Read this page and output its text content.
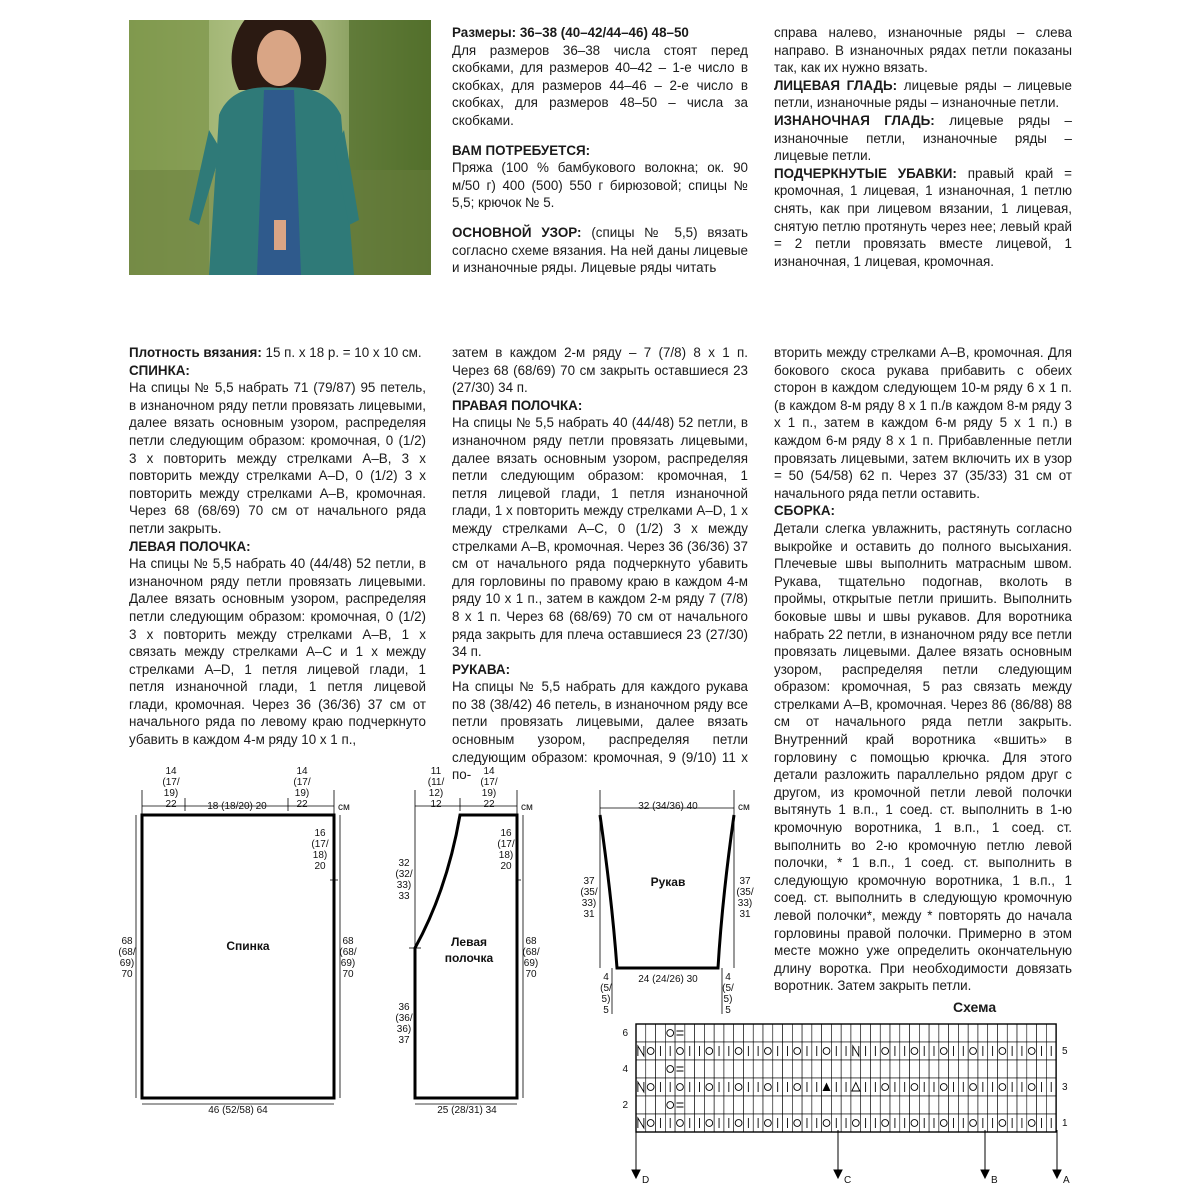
Размеры: 36–38 (40–42/44–46) 48–50

Для размеров 36–38 числа стоят перед скобками, для размеров 40–42 – 1-е число в скобках, для размеров 44–46 – 2-е число в скобках, для размеров 48–50 – числа за скобками.

ВАМ ПОТРЕБУЕТСЯ:

Пряжа (100 % бамбукового волокна; ок. 90 м/50 г) 400 (500) 550 г бирюзовой; спицы № 5,5; крючок № 5.

ОСНОВНОЙ УЗОР: (спицы № 5,5) вязать согласно схеме вязания. На ней даны лицевые и изнаночные ряды. Лицевые ряды читать

справа налево, изнаночные ряды – слева направо. В изнаночных рядах петли показаны так, как их нужно вязать.

ЛИЦЕВАЯ ГЛАДЬ: лицевые ряды – лицевые петли, изнаночные ряды – изнаночные петли.

ИЗНАНОЧНАЯ ГЛАДЬ: лицевые ряды – изнаночные петли, изнаночные ряды – лицевые петли.

ПОДЧЕРКНУТЫЕ УБАВКИ: правый край = кромочная, 1 лицевая, 1 изнаночная, 1 петлю снять, как при лицевом вязании, 1 лицевая, снятую петлю протянуть через нее; левый край = 2 петли провязать вместе лицевой, 1 изнаночная, 1 лицевая, кромочная.

Плотность вязания: 15 п. x 18 р. = 10 x 10 см.

СПИНКА:

На спицы № 5,5 набрать 71 (79/87) 95 петель, в изнаночном ряду петли провязать лицевыми, далее вязать основным узором, распределяя петли следующим образом: кромочная, 0 (1/2) 3 x повторить между стрелками A–B, 3 x повторить между стрелками A–D, 0 (1/2) 3 x повторить между стрелками A–B, кромочная. Через 68 (68/69) 70 см от начального ряда петли закрыть.

ЛЕВАЯ ПОЛОЧКА:

На спицы № 5,5 набрать 40 (44/48) 52 петли, в изнаночном ряду петли провязать лицевыми. Далее вязать основным узором, распределяя петли следующим образом: кромочная, 0 (1/2) 3 x повторить между стрелками A–B, 1 x связать между стрелками A–C и 1 x между стрелками A–D, 1 петля лицевой глади, 1 петля изнаночной глади, 1 петля лицевой глади, кромочная. Через 36 (36/36) 37 см от начального ряда по левому краю подчеркнуто убавить в каждом 4-м ряду 10 x 1 п.,

затем в каждом 2-м ряду – 7 (7/8) 8 x 1 п. Через 68 (68/69) 70 см закрыть оставшиеся 23 (27/30) 34 п.

ПРАВАЯ ПОЛОЧКА:

На спицы № 5,5 набрать 40 (44/48) 52 петли, в изнаночном ряду петли провязать лицевыми, далее вязать основным узором, распределяя петли следующим образом: кромочная, 1 петля лицевой глади, 1 петля изнаночной глади, 1 x повторить между стрелками A–D, 1 x между стрелками A–C, 0 (1/2) 3 x между стрелками A–B, кромочная. Через 36 (36/36) 37 см от начального ряда подчеркнуто убавить для горловины по правому краю в каждом 4-м ряду 10 x 1 п., затем в каждом 2-м ряду 7 (7/8) 8 x 1 п. Через 68 (68/69) 70 см от начального ряда закрыть для плеча оставшиеся 23 (27/30) 34 п.

РУКАВА:

На спицы № 5,5 набрать для каждого рукава по 38 (38/42) 46 петель, в изнаночном ряду все петли провязать лицевыми, далее вязать основным узором, распределяя петли следующим образом: кромочная, 9 (9/10) 11 x по-

вторить между стрелками A–B, кромочная. Для бокового скоса рукава прибавить с обеих сторон в каждом следующем 10-м ряду 6 x 1 п. (в каждом 8-м ряду 8 x 1 п./в каждом 8-м ряду 3 x 1 п., затем в каждом 6-м ряду 5 x 1 п.) в каждом 6-м ряду 8 x 1 п. Прибавленные петли провязать лицевыми, затем включить их в узор = 50 (54/58) 62 п. Через 37 (35/33) 31 см от начального ряда петли оставить.

СБОРКА:

Детали слегка увлажнить, растянуть согласно выкройке и оставить до полного высыхания. Плечевые швы выполнить матрасным швом. Рукава, тщательно подогнав, вколоть в проймы, открытые петли пришить. Выполнить боковые швы и швы рукавов. Для воротника набрать 22 петли, в изнаночном ряду все петли провязать лицевыми. Далее вязать основным узором, распределяя петли следующим образом: кромочная, 5 раз связать между стрелками A–B, кромочная. Через 86 (86/88) 88 см от начального ряда петли закрыть. Внутренний край воротника «вшить» в горловину с помощью крючка. Для этого детали разложить параллельно рядом друг с другом, из кромочной петли левой полочки вытянуть 1 в.п., 1 соед. ст. выполнить в 1-ю кромочную воротника, 1 в.п., 1 соед. ст. выполнить во 2-ю кромочную петлю левой полочки, * 1 в.п., 1 соед. ст. выполнить в следующую кромочную воротника, 1 в.п., 1 соед. ст. выполнить в следующую кромочную левой полочки*, между * повторять до начала горловины правой полочки. Примерно в этом месте можно уже определить окончательную длину воротка. При необходимости довязать воротник. Затем закрыть петли.

14 (17/ 19) 22	18 (18/20) 20
14 (17/ 19) 22	см
16 (17/ 18) 20
68 (68/ 69) 70
68 (68/ 69) 70
Спинка
46 (52/58) 64
11 (11/ 12) 12
14 (17/ 19) 22	см
16 (17/ 18) 20
32 (32/ 33) 33
36 (36/ 36) 37
68 (68/ 69) 70
Левая
полочка
25 (28/31) 34
32 (34/36) 40	см
Рукав
37 (35/ 33) 31
37 (35/ 33) 31
4 (5/ 5) 5
4 (5/ 5) 5
24 (24/26) 30
6
4
2
5
3
1
D	C	B	A
Схема
